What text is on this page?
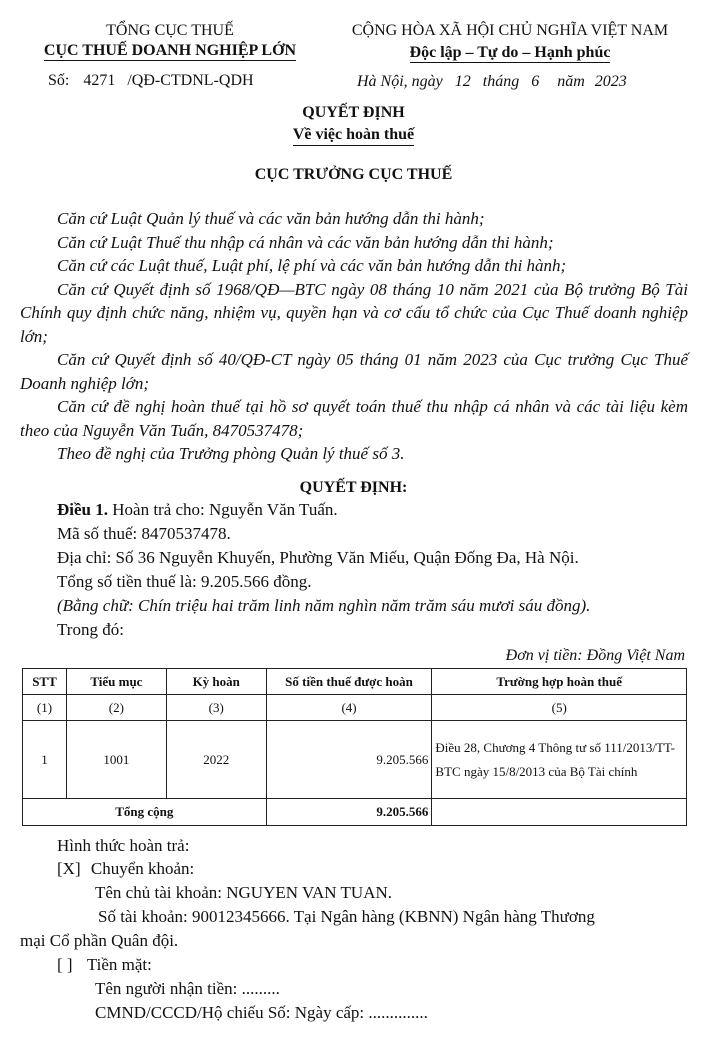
TỔNG CỤC THUẾ
CỤC THUẾ DOANH NGHIỆP LỚN
Số: 4271 /QĐ-CTDNL-QDH
CỘNG HÒA XÃ HỘI CHỦ NGHĨA VIỆT NAM
Độc lập – Tự do – Hạnh phúc
Hà Nội, ngày 12 tháng 6 năm 2023
QUYẾT ĐỊNH
Về việc hoàn thuế
CỤC TRƯỞNG CỤC THUẾ
Căn cứ Luật Quản lý thuế và các văn bản hướng dẫn thi hành;
Căn cứ Luật Thuế thu nhập cá nhân và các văn bản hướng dẫn thi hành;
Căn cứ các Luật thuế, Luật phí, lệ phí và các văn bản hướng dẫn thi hành;
Căn cứ Quyết định số 1968/QĐ—BTC ngày 08 tháng 10 năm 2021 của Bộ trưởng Bộ Tài Chính quy định chức năng, nhiệm vụ, quyền hạn và cơ cấu tổ chức của Cục Thuế doanh nghiệp lớn;
Căn cứ Quyết định số 40/QĐ-CT ngày 05 tháng 01 năm 2023 của Cục trưởng Cục Thuế Doanh nghiệp lớn;
Căn cứ đề nghị hoàn thuế tại hồ sơ quyết toán thuế thu nhập cá nhân và các tài liệu kèm theo của Nguyễn Văn Tuấn, 8470537478;
Theo đề nghị của Trưởng phòng Quản lý thuế số 3.
QUYẾT ĐỊNH:
Điều 1. Hoàn trả cho: Nguyễn Văn Tuấn.
Mã số thuế: 8470537478.
Địa chỉ: Số 36 Nguyễn Khuyến, Phường Văn Miếu, Quận Đống Đa, Hà Nội.
Tổng số tiền thuế là: 9.205.566 đồng.
(Bằng chữ: Chín triệu hai trăm linh năm nghìn năm trăm sáu mươi sáu đồng).
Trong đó:
Đơn vị tiền: Đồng Việt Nam
STT	Tiểu mục	Kỳ hoàn	Số tiền thuế được hoàn	Trường hợp hoàn thuế
(1)	(2)	(3)	(4)	(5)
1	1001	2022	9.205.566	Điều 28, Chương 4 Thông tư số 111/2013/TT-BTC ngày 15/8/2013 của Bộ Tài chính
Tổng cộng			9.205.566	
Hình thức hoàn trả:
[X] Chuyển khoản:
Tên chủ tài khoản: NGUYEN VAN TUAN.
Số tài khoản: 90012345666. Tại Ngân hàng (KBNN) Ngân hàng Thương
mại Cổ phần Quân đội.
[ ] Tiền mặt:
Tên người nhận tiền: .........
CMND/CCCD/Hộ chiếu Số: Ngày cấp: ..............
